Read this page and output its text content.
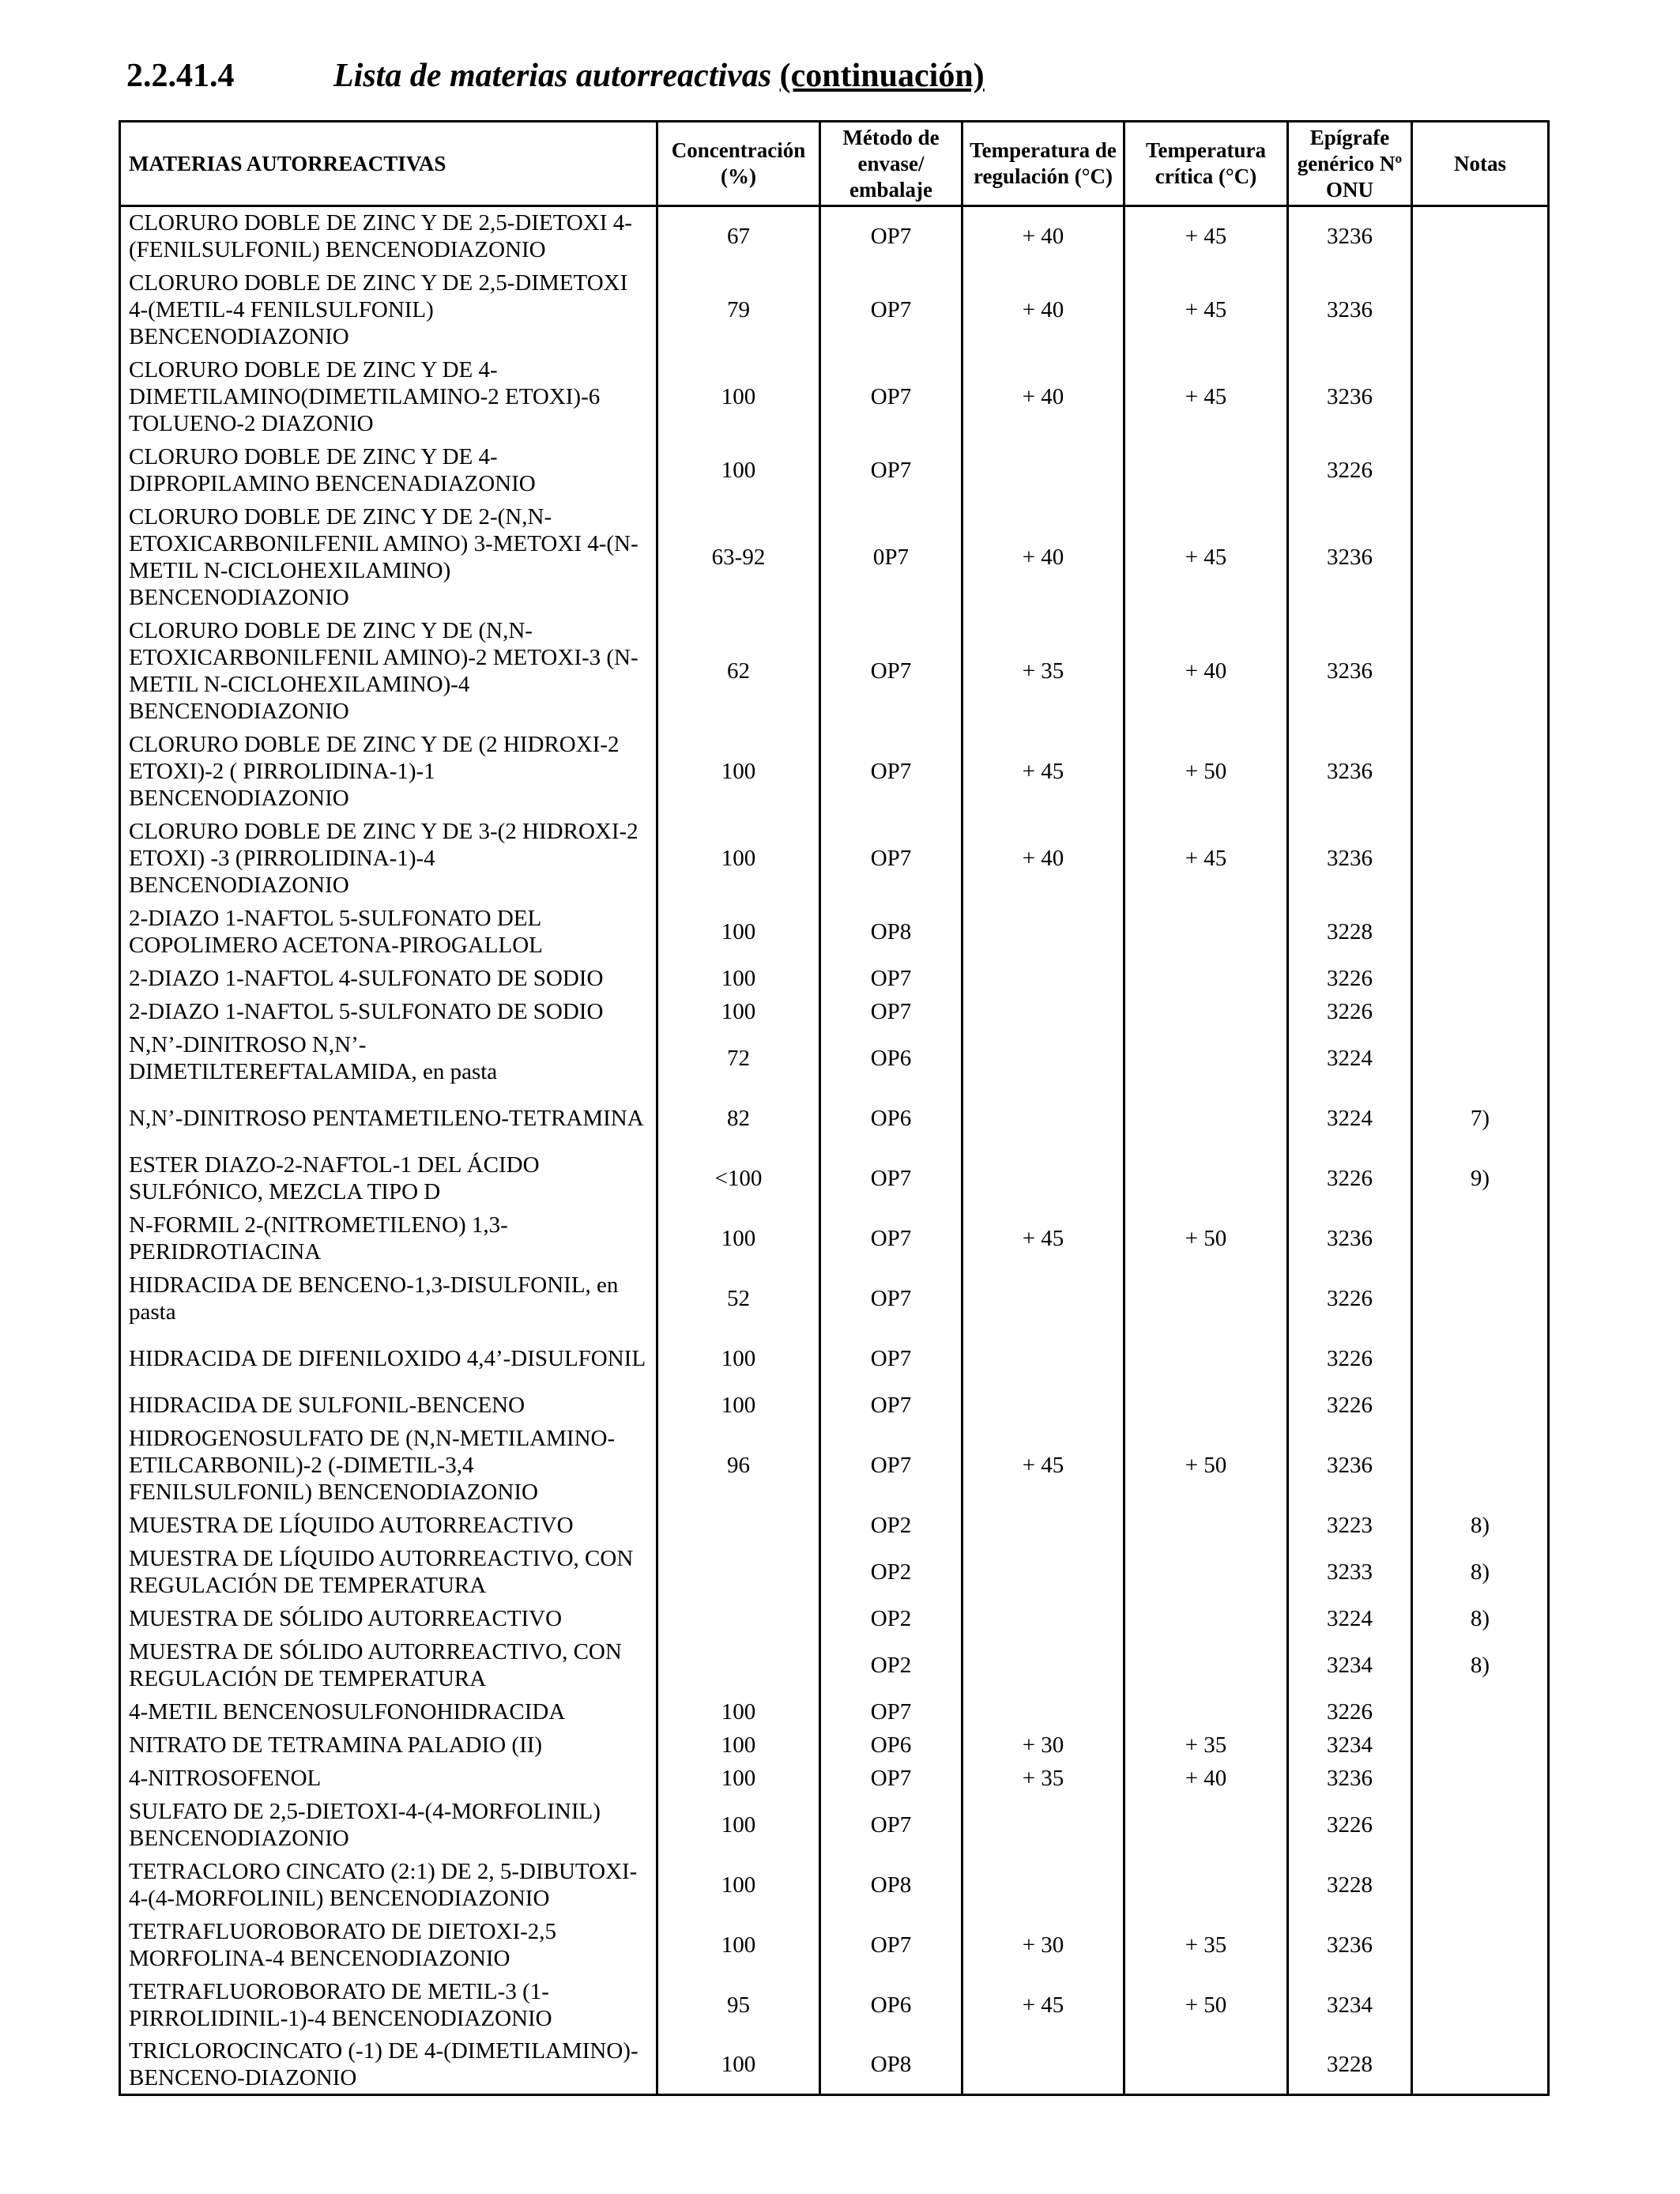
2.2.41.4	Lista de materias autorreactivas (continuación)
MATERIAS AUTORREACTIVAS	Concentración (%)	Método de envase/ embalaje	Temperatura de regulación (°C)	Temperatura crítica (°C)	Epígrafe genérico Nº ONU	Notas
CLORURO DOBLE DE ZINC Y DE 2,5-DIETOXI 4-(FENILSULFONIL) BENCENODIAZONIO	67	OP7	+ 40	+ 45	3236	
CLORURO DOBLE DE ZINC Y DE 2,5-DIMETOXI 4-(METIL-4 FENILSULFONIL) BENCENODIAZONIO	79	OP7	+ 40	+ 45	3236	
CLORURO DOBLE DE ZINC Y DE 4-DIMETILAMINO(DIMETILAMINO-2 ETOXI)-6 TOLUENO-2 DIAZONIO	100	OP7	+ 40	+ 45	3236	
CLORURO DOBLE DE ZINC Y DE 4-DIPROPILAMINO BENCENADIAZONIO	100	OP7			3226	
CLORURO DOBLE DE ZINC Y DE 2-(N,N-ETOXICARBONILFENIL AMINO) 3-METOXI 4-(N-METIL N-CICLOHEXILAMINO) BENCENODIAZONIO	63-92	0P7	+ 40	+ 45	3236	
CLORURO DOBLE DE ZINC Y DE (N,N-ETOXICARBONILFENIL AMINO)-2 METOXI-3 (N-METIL N-CICLOHEXILAMINO)-4 BENCENODIAZONIO	62	OP7	+ 35	+ 40	3236	
CLORURO DOBLE DE ZINC Y DE (2 HIDROXI-2 ETOXI)-2 ( PIRROLIDINA-1)-1 BENCENODIAZONIO	100	OP7	+ 45	+ 50	3236	
CLORURO DOBLE DE ZINC Y DE 3-(2 HIDROXI-2 ETOXI) -3 (PIRROLIDINA-1)-4 BENCENODIAZONIO	100	OP7	+ 40	+ 45	3236	
2-DIAZO 1-NAFTOL 5-SULFONATO DEL COPOLIMERO ACETONA-PIROGALLOL	100	OP8			3228	
2-DIAZO 1-NAFTOL 4-SULFONATO DE SODIO	100	OP7			3226	
2-DIAZO 1-NAFTOL 5-SULFONATO DE SODIO	100	OP7			3226	
N,N’-DINITROSO N,N’-DIMETILTEREFTALAMIDA, en pasta	72	OP6			3224	
N,N’-DINITROSO PENTAMETILENO-TETRAMINA	82	OP6			3224	7)
ESTER DIAZO-2-NAFTOL-1 DEL ÁCIDO SULFÓNICO, MEZCLA TIPO D	<100	OP7			3226	9)
N-FORMIL 2-(NITROMETILENO) 1,3-PERIDROTIACINA	100	OP7	+ 45	+ 50	3236	
HIDRACIDA DE BENCENO-1,3-DISULFONIL, en pasta	52	OP7			3226	
HIDRACIDA DE DIFENILOXIDO 4,4’-DISULFONIL	100	OP7			3226	
HIDRACIDA DE SULFONIL-BENCENO	100	OP7			3226	
HIDROGENOSULFATO DE (N,N-METILAMINO-ETILCARBONIL)-2 (-DIMETIL-3,4 FENILSULFONIL) BENCENODIAZONIO	96	OP7	+ 45	+ 50	3236	
MUESTRA DE LÍQUIDO AUTORREACTIVO		OP2			3223	8)
MUESTRA DE LÍQUIDO AUTORREACTIVO, CON REGULACIÓN DE TEMPERATURA		OP2			3233	8)
MUESTRA DE SÓLIDO AUTORREACTIVO		OP2			3224	8)
MUESTRA DE SÓLIDO AUTORREACTIVO, CON REGULACIÓN DE TEMPERATURA		OP2			3234	8)
4-METIL BENCENOSULFONOHIDRACIDA	100	OP7			3226	
NITRATO DE TETRAMINA PALADIO (II)	100	OP6	+ 30	+ 35	3234	
4-NITROSOFENOL	100	OP7	+ 35	+ 40	3236	
SULFATO DE 2,5-DIETOXI-4-(4-MORFOLINIL) BENCENODIAZONIO	100	OP7			3226	
TETRACLORO CINCATO (2:1) DE 2, 5-DIBUTOXI-4-(4-MORFOLINIL) BENCENODIAZONIO	100	OP8			3228	
TETRAFLUOROBORATO DE DIETOXI-2,5 MORFOLINA-4 BENCENODIAZONIO	100	OP7	+ 30	+ 35	3236	
TETRAFLUOROBORATO DE METIL-3 (1-PIRROLIDINIL-1)-4 BENCENODIAZONIO	95	OP6	+ 45	+ 50	3234	
TRICLOROCINCATO (-1) DE 4-(DIMETILAMINO)-BENCENO-DIAZONIO	100	OP8			3228	
